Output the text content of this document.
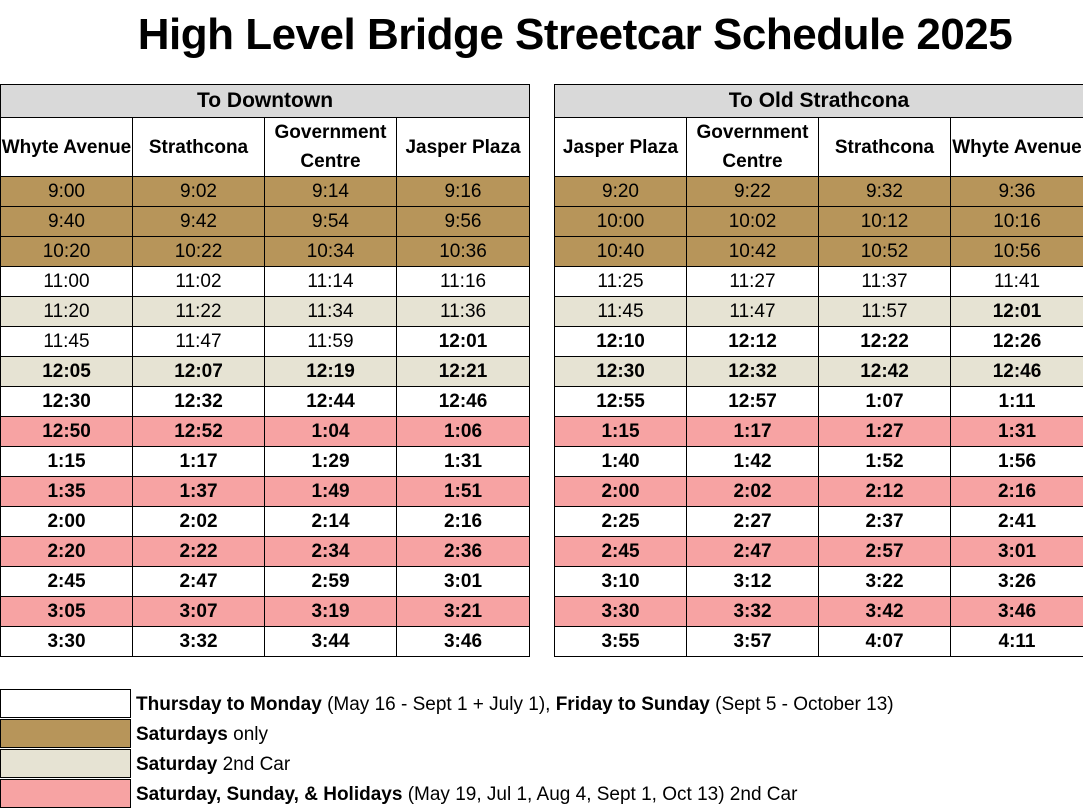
High Level Bridge Streetcar Schedule 2025
To Downtown			
Whyte Avenue	Strathcona	Government Centre	Jasper Plaza
9:00	9:02	9:14	9:16
9:40	9:42	9:54	9:56
10:20	10:22	10:34	10:36
11:00	11:02	11:14	11:16
11:20	11:22	11:34	11:36
11:45	11:47	11:59	12:01
12:05	12:07	12:19	12:21
12:30	12:32	12:44	12:46
12:50	12:52	1:04	1:06
1:15	1:17	1:29	1:31
1:35	1:37	1:49	1:51
2:00	2:02	2:14	2:16
2:20	2:22	2:34	2:36
2:45	2:47	2:59	3:01
3:05	3:07	3:19	3:21
3:30	3:32	3:44	3:46
To Old Strathcona			
Jasper Plaza	Government Centre	Strathcona	Whyte Avenue
9:20	9:22	9:32	9:36
10:00	10:02	10:12	10:16
10:40	10:42	10:52	10:56
11:25	11:27	11:37	11:41
11:45	11:47	11:57	12:01
12:10	12:12	12:22	12:26
12:30	12:32	12:42	12:46
12:55	12:57	1:07	1:11
1:15	1:17	1:27	1:31
1:40	1:42	1:52	1:56
2:00	2:02	2:12	2:16
2:25	2:27	2:37	2:41
2:45	2:47	2:57	3:01
3:10	3:12	3:22	3:26
3:30	3:32	3:42	3:46
3:55	3:57	4:07	4:11
Thursday to Monday (May 16 - Sept 1 + July 1), Friday to Sunday (Sept 5 - October 13)
Saturdays only
Saturday 2nd Car
Saturday, Sunday, & Holidays (May 19, Jul 1, Aug 4, Sept 1, Oct 13) 2nd Car
